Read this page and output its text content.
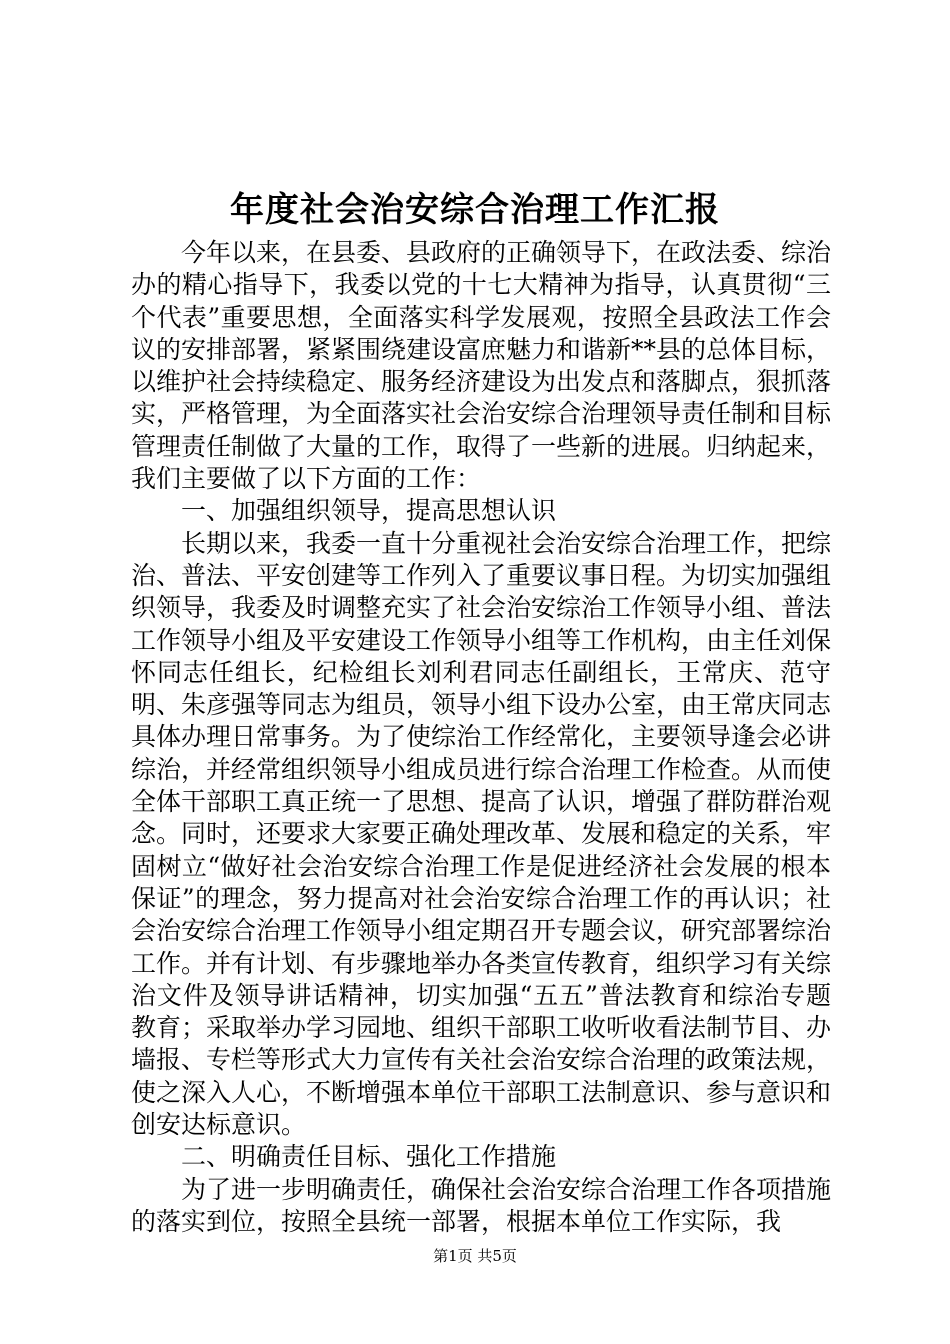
年度社会治安综合治理工作汇报

今年以来，在县委、县政府的正确领导下，在政法委、综治办的精心指导下，我委以党的十七大精神为指导，认真贯彻“三个代表”重要思想，全面落实科学发展观，按照全县政法工作会议的安排部署，紧紧围绕建设富庶魅力和谐新**县的总体目标，以维护社会持续稳定、服务经济建设为出发点和落脚点，狠抓落实，严格管理，为全面落实社会治安综合治理领导责任制和目标管理责任制做了大量的工作，取得了一些新的进展。归纳起来，我们主要做了以下方面的工作：

一、加强组织领导，提高思想认识

长期以来，我委一直十分重视社会治安综合治理工作，把综治、普法、平安创建等工作列入了重要议事日程。为切实加强组织领导，我委及时调整充实了社会治安综治工作领导小组、普法工作领导小组及平安建设工作领导小组等工作机构，由主任刘保怀同志任组长，纪检组长刘利君同志任副组长，王常庆、范守明、朱彦强等同志为组员，领导小组下设办公室，由王常庆同志具体办理日常事务。为了使综治工作经常化，主要领导逢会必讲综治，并经常组织领导小组成员进行综合治理工作检查。从而使全体干部职工真正统一了思想、提高了认识，增强了群防群治观念。同时，还要求大家要正确处理改革、发展和稳定的关系，牢固树立“做好社会治安综合治理工作是促进经济社会发展的根本保证”的理念，努力提高对社会治安综合治理工作的再认识；社会治安综合治理工作领导小组定期召开专题会议，研究部署综治工作。并有计划、有步骤地举办各类宣传教育，组织学习有关综治文件及领导讲话精神，切实加强“五五”普法教育和综治专题教育；采取举办学习园地、组织干部职工收听收看法制节目、办墙报、专栏等形式大力宣传有关社会治安综合治理的政策法规，使之深入人心，不断增强本单位干部职工法制意识、参与意识和创安达标意识。

二、明确责任目标、强化工作措施

为了进一步明确责任，确保社会治安综合治理工作各项措施的落实到位，按照全县统一部署，根据本单位工作实际，我

第1页 共5页
